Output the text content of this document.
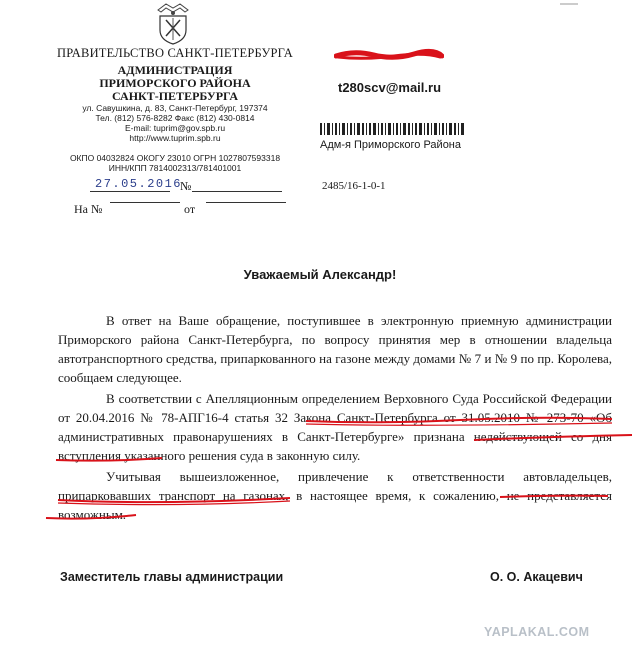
ПРАВИТЕЛЬСТВО САНКТ-ПЕТЕРБУРГА
АДМИНИСТРАЦИЯ
ПРИМОРСКОГО РАЙОНА
САНКТ-ПЕТЕРБУРГА
ул. Савушкина, д. 83, Санкт-Петербург, 197374
Тел. (812) 576-8282 Факс (812) 430-0814
E-mail: tuprim@gov.spb.ru
http://www.tuprim.spb.ru
ОКПО 04032824 ОКОГУ 23010 ОГРН 1027807593318
ИНН/КПП 7814002313/781401001
27.05.2016
№
На №	от
t280scv@mail.ru
Адм-я Приморского Района
2485/16-1-0-1
Уважаемый Александр!
В ответ на Ваше обращение, поступившее в электронную приемную администрации Приморского района Санкт-Петербурга, по вопросу принятия мер в отношении владельца автотранспортного средства, припаркованного на газоне между домами № 7 и № 9 по пр. Королева, сообщаем следующее.
В соответствии с Апелляционным определением Верховного Суда Российской Федерации от 20.04.2016 № 78-АПГ16-4 статья 32 Закона Санкт-Петербурга от 31.05.2010 № 273-70 «Об административных правонарушениях в Санкт-Петербурге» признана недействующей со дня вступления указанного решения суда в законную силу.
Учитывая вышеизложенное, привлечение к ответственности автовладельцев, припарковавших транспорт на газонах, в настоящее время, к сожалению, не представляется возможным.
Заместитель главы администрации	О. О. Акацевич
YAPLAKAL.COM
